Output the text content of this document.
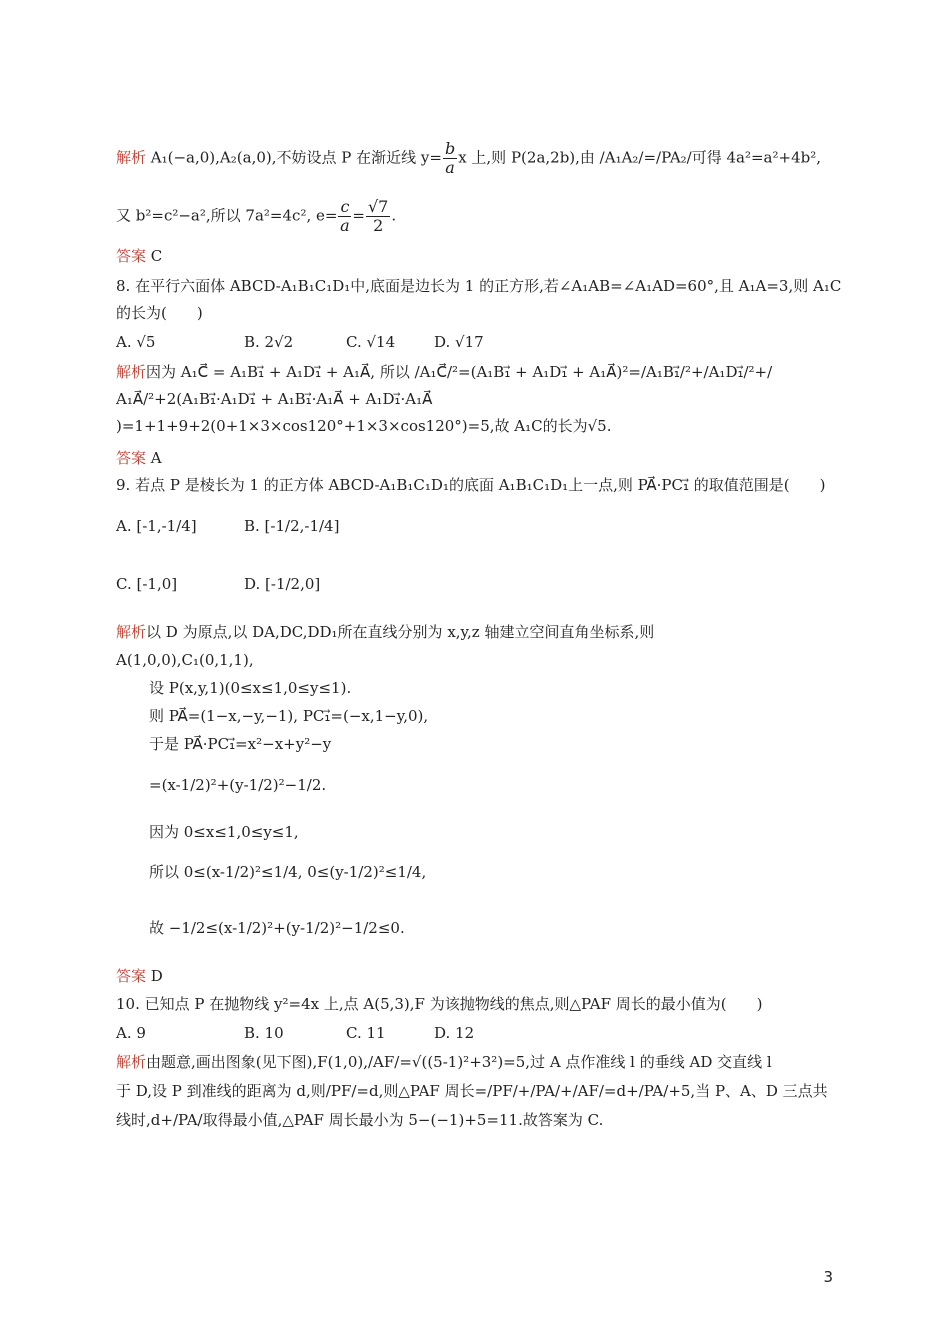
解析 A₁(−a,0),A₂(a,0),不妨设点 P 在渐近线 $y= \frac{b}{a}$ x 上,则 P(2a,2b),由 /A₁A₂/=/PA₂/可得 4a²=a²+4b²,
又 b²=c²−a²,所以 7a²=4c², $e= \frac{c}{a} = \frac{√7}{2}$ .
答案 C
8. 在平行六面体 ABCD-A₁B₁C₁D₁中,底面是边长为 1 的正方形,若∠A₁AB=∠A₁AD=60°,且 A₁A=3,则 A₁C
的长为(　　)
A. √5	B. 2√2	C. √14	D. √17
解析因为 A₁C⃗ = A₁B₁⃗ + A₁D₁⃗ + A₁A⃗, 所以 /A₁C⃗/²=(A₁B₁⃗ + A₁D₁⃗ + A₁A⃗)²=/A₁B₁⃗/²+/A₁D₁⃗/²+/
A₁A⃗/²+2(A₁B₁⃗·A₁D₁⃗ + A₁B₁⃗·A₁A⃗ + A₁D₁⃗·A₁A⃗
)=1+1+9+2(0+1×3×cos120°+1×3×cos120°)=5,故 A₁C的长为√5.
答案 A
9. 若点 P 是棱长为 1 的正方体 ABCD-A₁B₁C₁D₁的底面 A₁B₁C₁D₁上一点,则 PA⃗·PC₁⃗ 的取值范围是(　　)
A. [-1,-1/4]	B. [-1/2,-1/4]
C. [-1,0]	D. [-1/2,0]
解析以 D 为原点,以 DA,DC,DD₁所在直线分别为 x,y,z 轴建立空间直角坐标系,则
A(1,0,0),C₁(0,1,1),
设 P(x,y,1)(0≤x≤1,0≤y≤1).
则 PA⃗=(1−x,−y,−1), PC₁⃗=(−x,1−y,0),
于是 PA⃗·PC₁⃗=x²−x+y²−y
=(x-1/2)²+(y-1/2)²−1/2.
因为 0≤x≤1,0≤y≤1,
所以 0≤(x-1/2)²≤1/4, 0≤(y-1/2)²≤1/4,
故 −1/2≤(x-1/2)²+(y-1/2)²−1/2≤0.
答案 D
10. 已知点 P 在抛物线 y²=4x 上,点 A(5,3),F 为该抛物线的焦点,则△PAF 周长的最小值为(　　)
A. 9	B. 10	C. 11	D. 12
解析由题意,画出图象(见下图),F(1,0),/AF/=√((5-1)²+3²)=5,过 A 点作准线 l 的垂线 AD 交直线 l
于 D,设 P 到准线的距离为 d,则/PF/=d,则△PAF 周长=/PF/+/PA/+/AF/=d+/PA/+5,当 P、A、D 三点共
线时,d+/PA/取得最小值,△PAF 周长最小为 5−(−1)+5=11.故答案为 C.
3
